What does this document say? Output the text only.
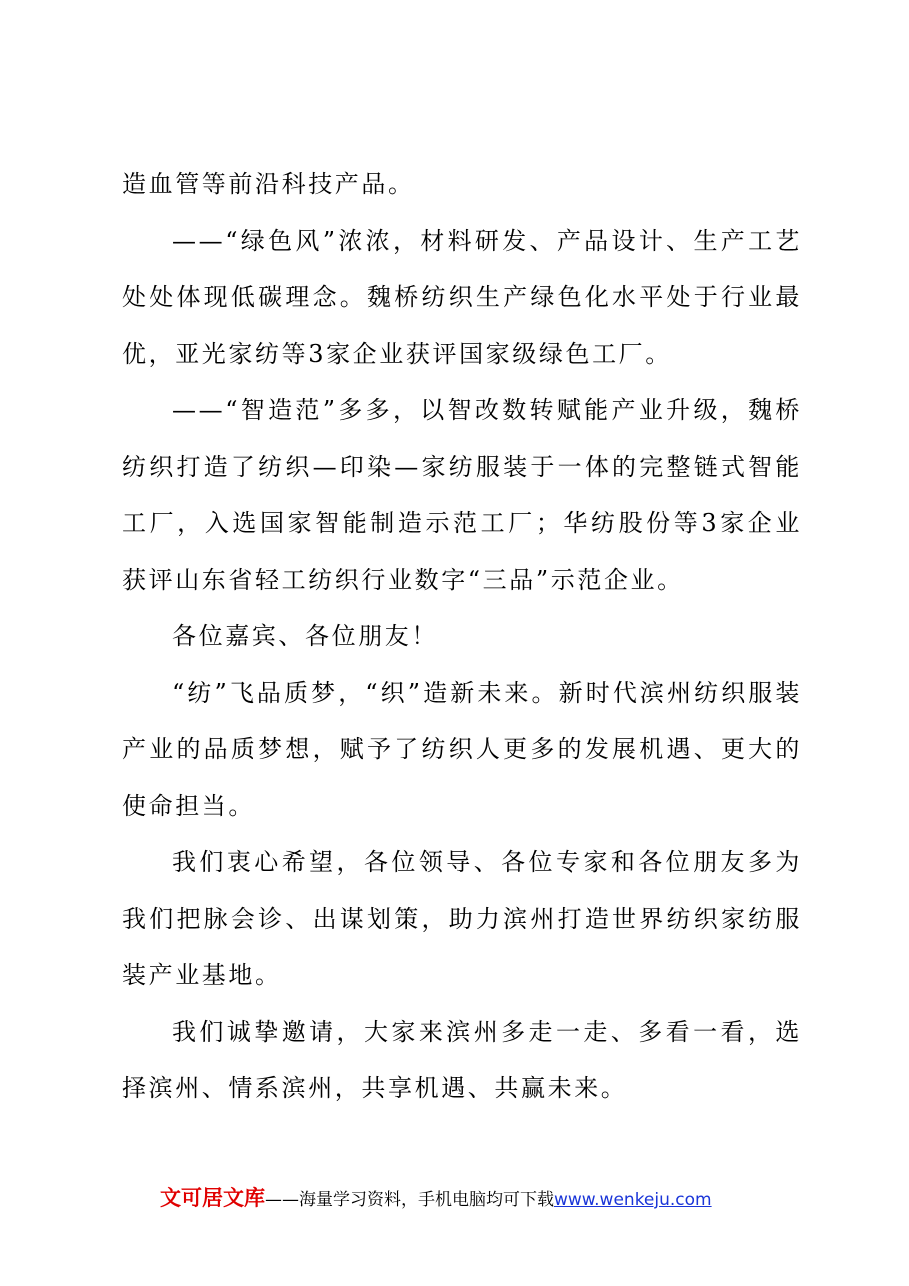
造血管等前沿科技产品。

——“绿色风”浓浓，材料研发、产品设计、生产工艺处处体现低碳理念。魏桥纺织生产绿色化水平处于行业最优，亚光家纺等3家企业获评国家级绿色工厂。

——“智造范”多多，以智改数转赋能产业升级，魏桥纺织打造了纺织—印染—家纺服装于一体的完整链式智能工厂，入选国家智能制造示范工厂；华纺股份等3家企业获评山东省轻工纺织行业数字“三品”示范企业。

各位嘉宾、各位朋友！

“纺”飞品质梦，“织”造新未来。新时代滨州纺织服装产业的品质梦想，赋予了纺织人更多的发展机遇、更大的使命担当。

我们衷心希望，各位领导、各位专家和各位朋友多为我们把脉会诊、出谋划策，助力滨州打造世界纺织家纺服装产业基地。

我们诚挚邀请，大家来滨州多走一走、多看一看，选择滨州、情系滨州，共享机遇、共赢未来。

文可居文库——海量学习资料，手机电脑均可下载www.wenkeju.com
